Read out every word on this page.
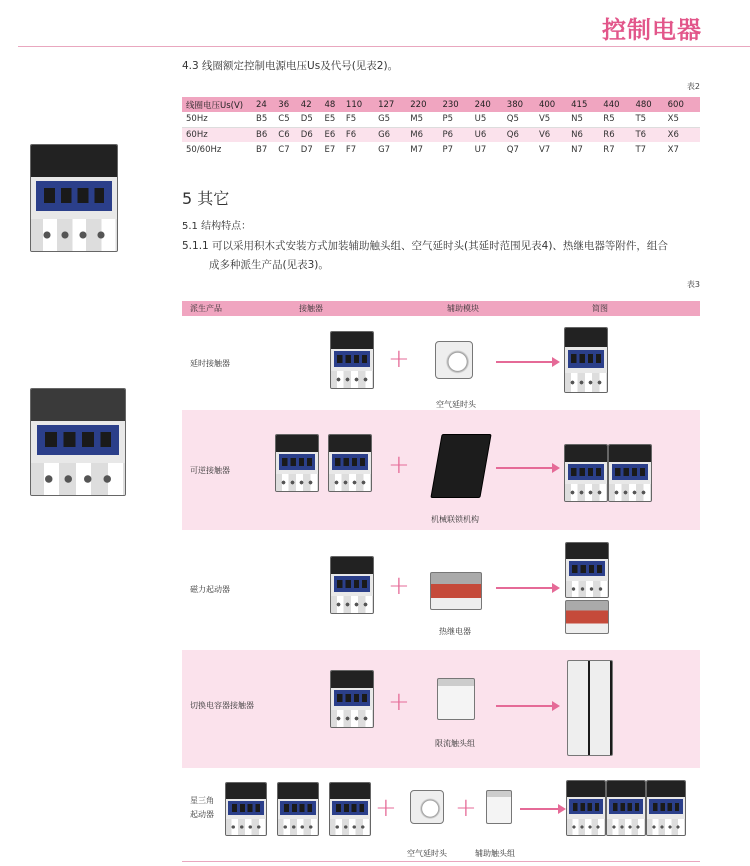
控制电器
4.3 线圈额定控制电源电压Us及代号(见表2)。
表2
线圈电压Us(V)	24	36	42	48	110	127	220	230	240	380	400	415	440	480	600
50Hz	B5	C5	D5	E5	F5	G5	M5	P5	U5	Q5	V5	N5	R5	T5	X5
60Hz	B6	C6	D6	E6	F6	G6	M6	P6	U6	Q6	V6	N6	R6	T6	X6
50/60Hz	B7	C7	D7	E7	F7	G7	M7	P7	U7	Q7	V7	N7	R7	T7	X7
5 其它
5.1 结构特点：
5.1.1 可以采用积木式安装方式加装辅助触头组、空气延时头(其延时范围见表4)、热继电器等附件，组合
成多种派生产品(见表3)。
表3
派生产品	接触器	辅助模块	简图
延时接触器	+
空气延时头
可逆接触器	+
机械联锁机构
磁力起动器	+
热继电器
切换电容器接触器	+
限流触头组
星三角
起动器	+
空气延时头
+
辅助触头组
